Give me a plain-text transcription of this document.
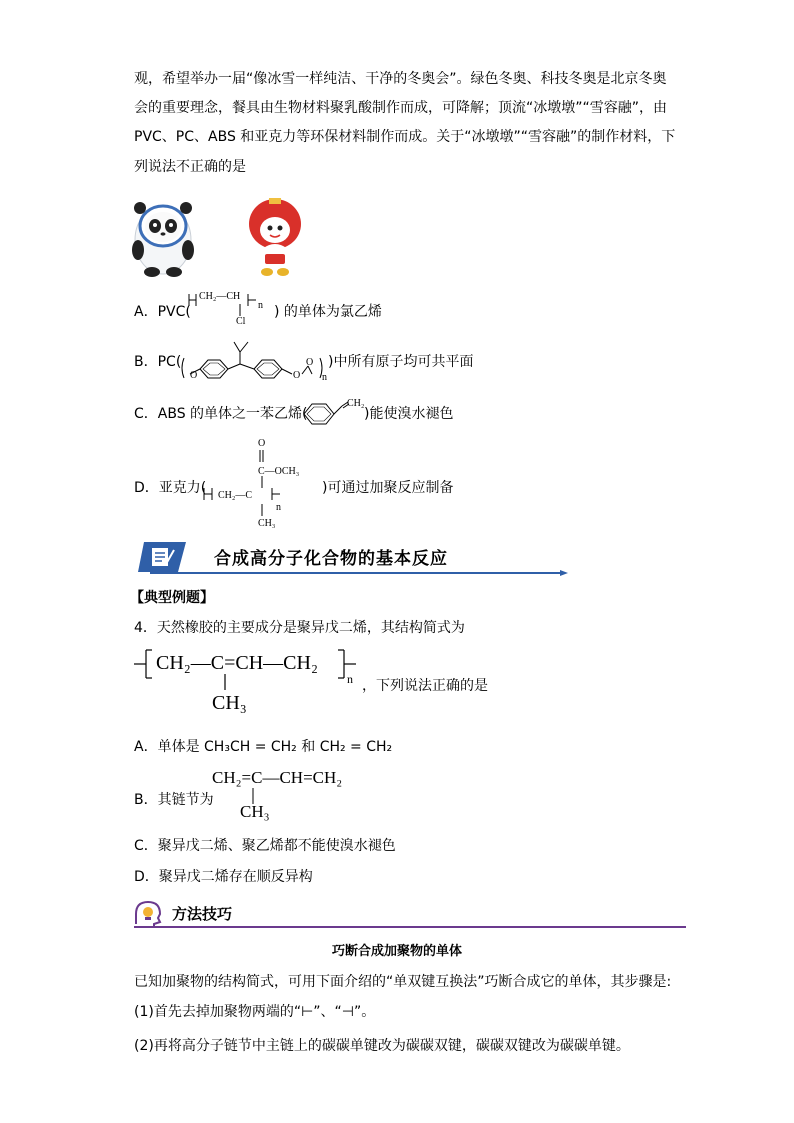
观，希望举办一届“像冰雪一样纯洁、干净的冬奥会”。绿色冬奥、科技冬奥是北京冬奥
会的重要理念，餐具由生物材料聚乳酸制作而成，可降解；顶流“冰墩墩”“雪容融”，由
PVC、PC、ABS 和亚克力等环保材料制作而成。关于“冰墩墩”“雪容融”的制作材料，下
列说法不正确的是
A．PVC(
CH₂—CH
n
Cl
) 的单体为氯乙烯
B．PC(
O	O
O
n
)中所有原子均可共平面
C．ABS 的单体之一苯乙烯(
CH₂
)能使溴水褪色
O
C—OCH₃
D．亚克力( CH₂—C
n
CH₃
)可通过加聚反应制备
合成高分子化合物的基本反应
【典型例题】
4．天然橡胶的主要成分是聚异戊二烯，其结构简式为
CH₂—C=CH—CH₂
n
CH₃
，下列说法正确的是
A．单体是 CH₃CH = CH₂ 和 CH₂ = CH₂
CH₂=C—CH=CH₂
B．其链节为
CH₃
C．聚异戊二烯、聚乙烯都不能使溴水褪色
D．聚异戊二烯存在顺反异构
方法技巧
巧断合成加聚物的单体
已知加聚物的结构简式，可用下面介绍的“单双键互换法”巧断合成它的单体，其步骤是:
(1)首先去掉加聚物两端的“⊢”、“⊣”。
(2)再将高分子链节中主链上的碳碳单键改为碳碳双键，碳碳双键改为碳碳单键。
